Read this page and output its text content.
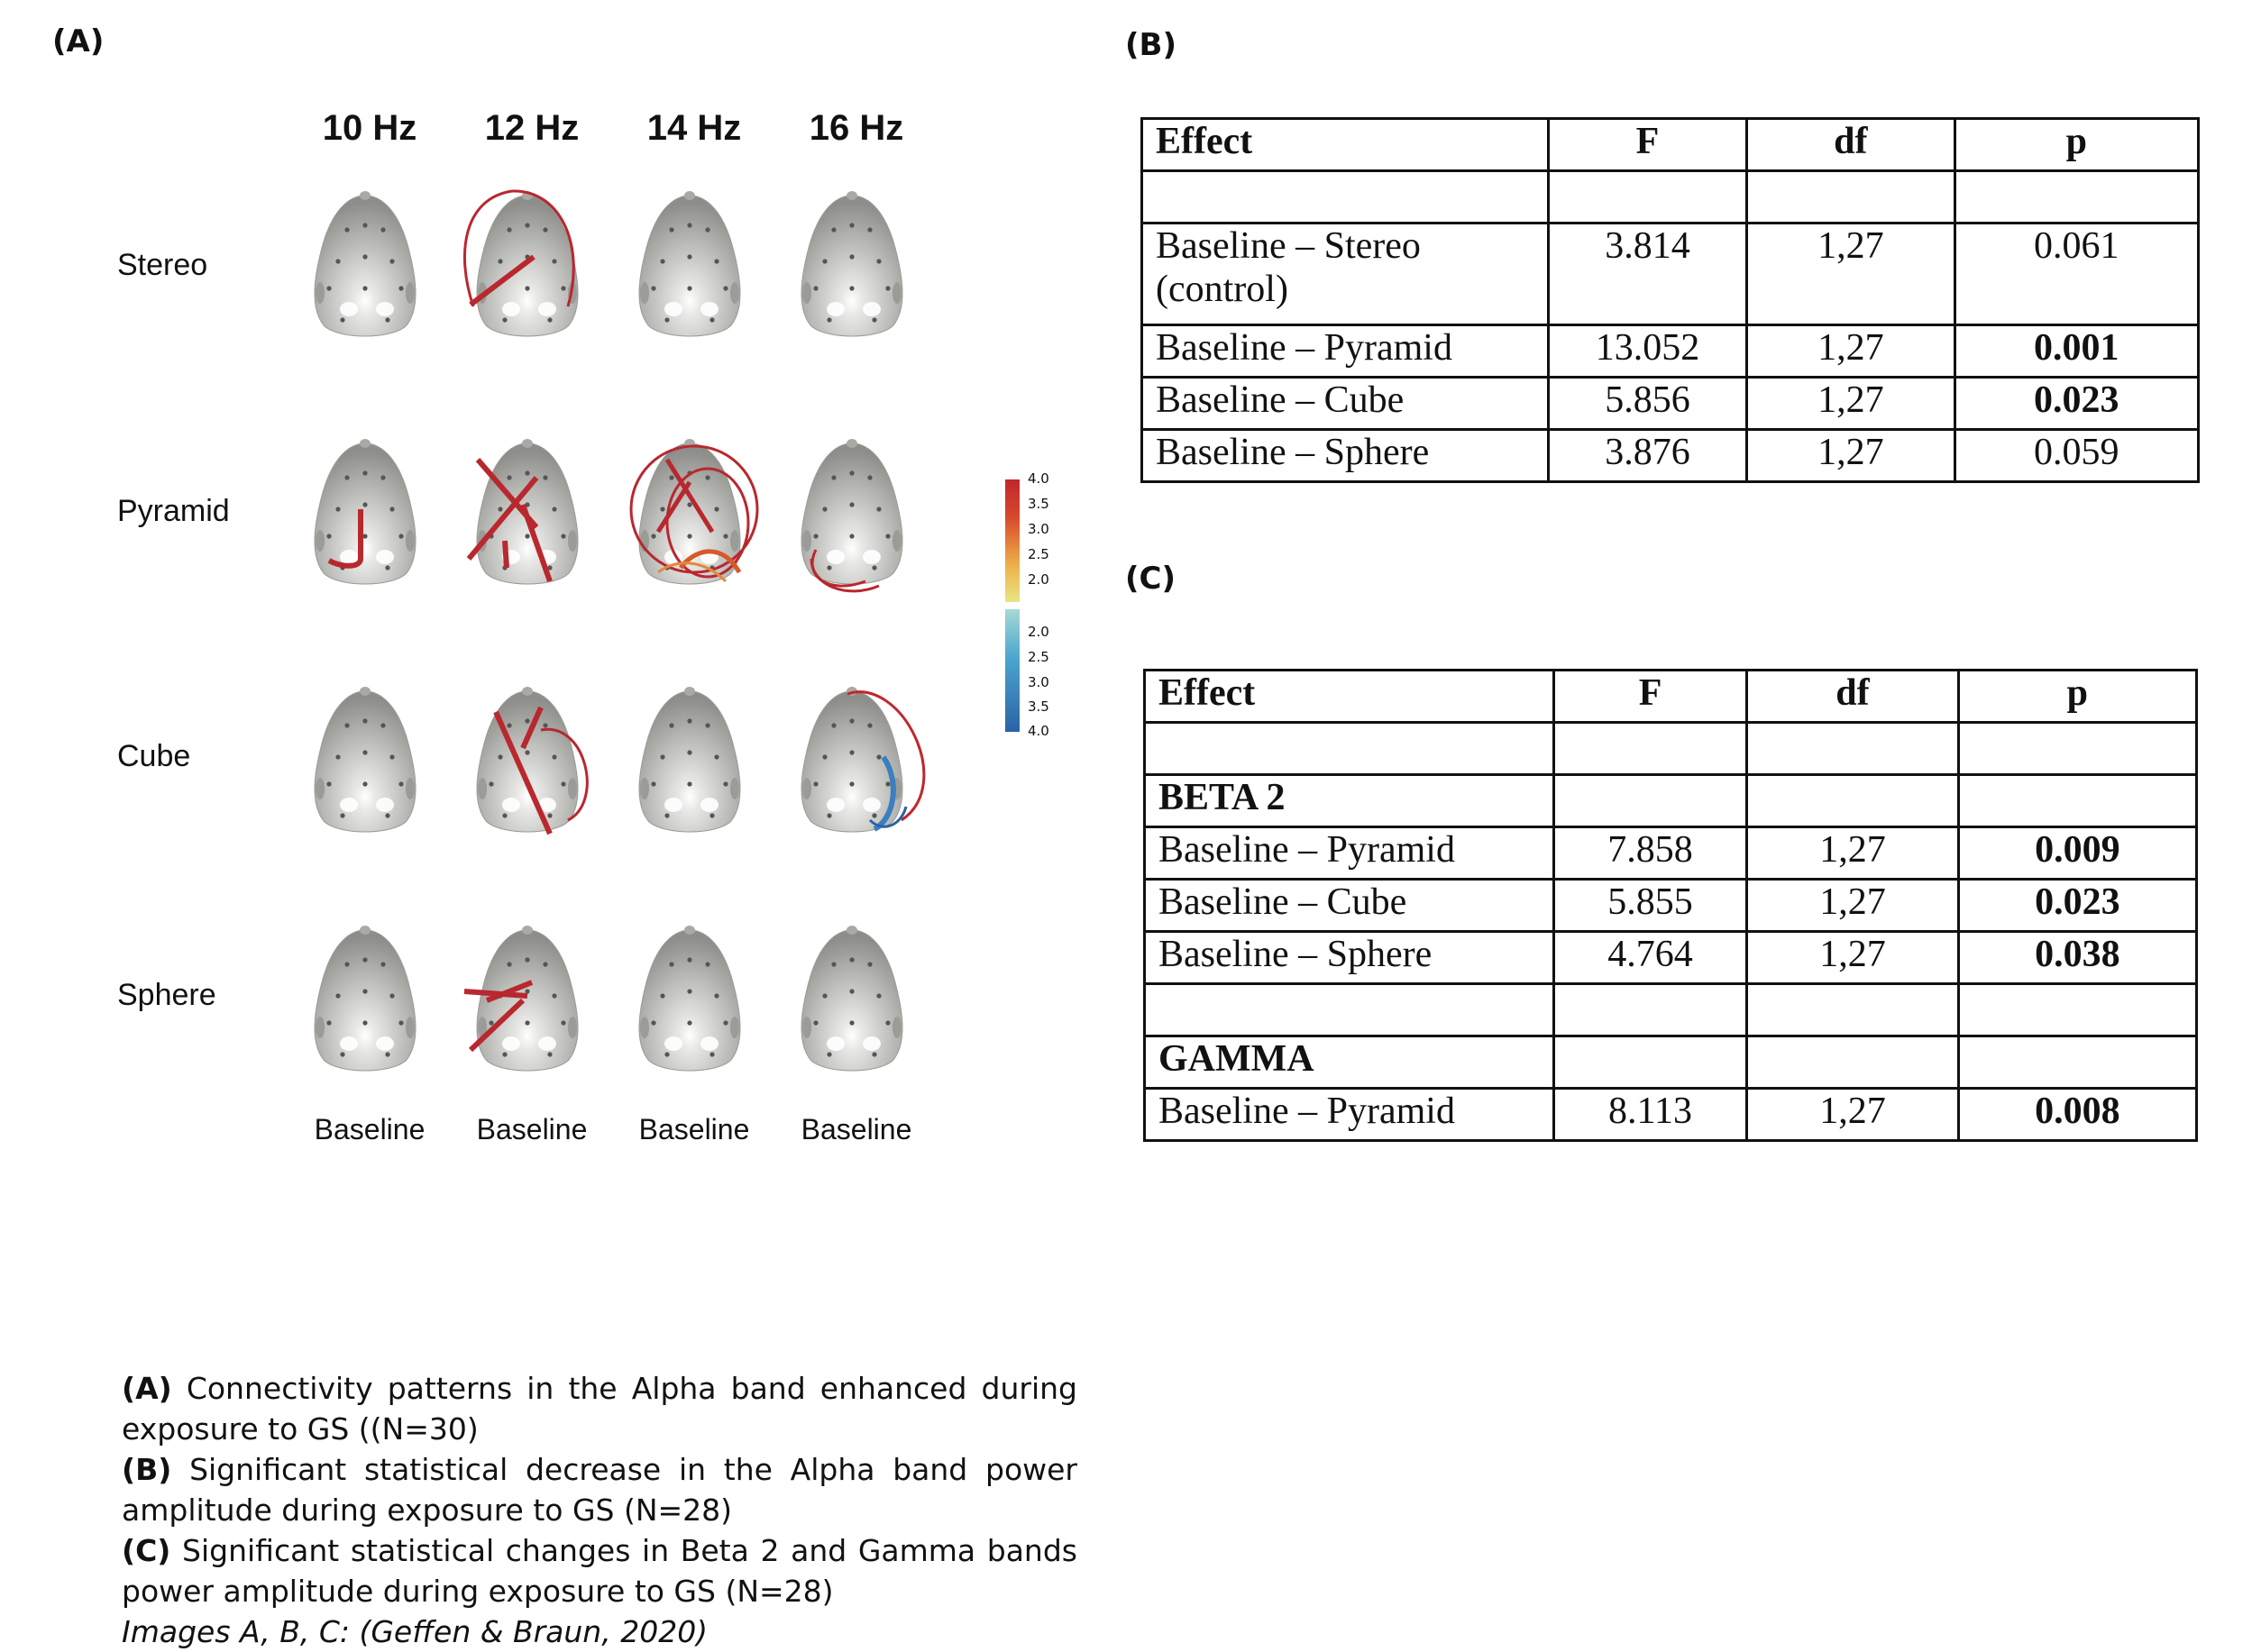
(A)	(B)
(C)
10 Hz	12 Hz	14 Hz	16 Hz
Stereo
Pyramid
Cube
Sphere
4.0
3.5
3.0
2.5
2.0
2.0
2.5
3.0
3.5
4.0
Baseline	Baseline	Baseline	Baseline
Effect	F	df	p

Baseline – Stereo (control)	3.814	1,27	0.061
Baseline – Pyramid	13.052	1,27	0.001
Baseline – Cube	5.856	1,27	0.023
Baseline – Sphere	3.876	1,27	0.059
Effect	F	df	p

BETA 2			
Baseline – Pyramid	7.858	1,27	0.009
Baseline – Cube	5.855	1,27	0.023
Baseline – Sphere	4.764	1,27	0.038

GAMMA			
Baseline – Pyramid	8.113	1,27	0.008
(A) Connectivity patterns in the Alpha band enhanced during exposure to GS ((N=30)
(B) Significant statistical decrease in the Alpha band power amplitude during exposure to GS (N=28)
(C) Significant statistical changes in Beta 2 and Gamma bands power amplitude during exposure to GS (N=28)
Images A, B, C: (Geffen & Braun, 2020)
